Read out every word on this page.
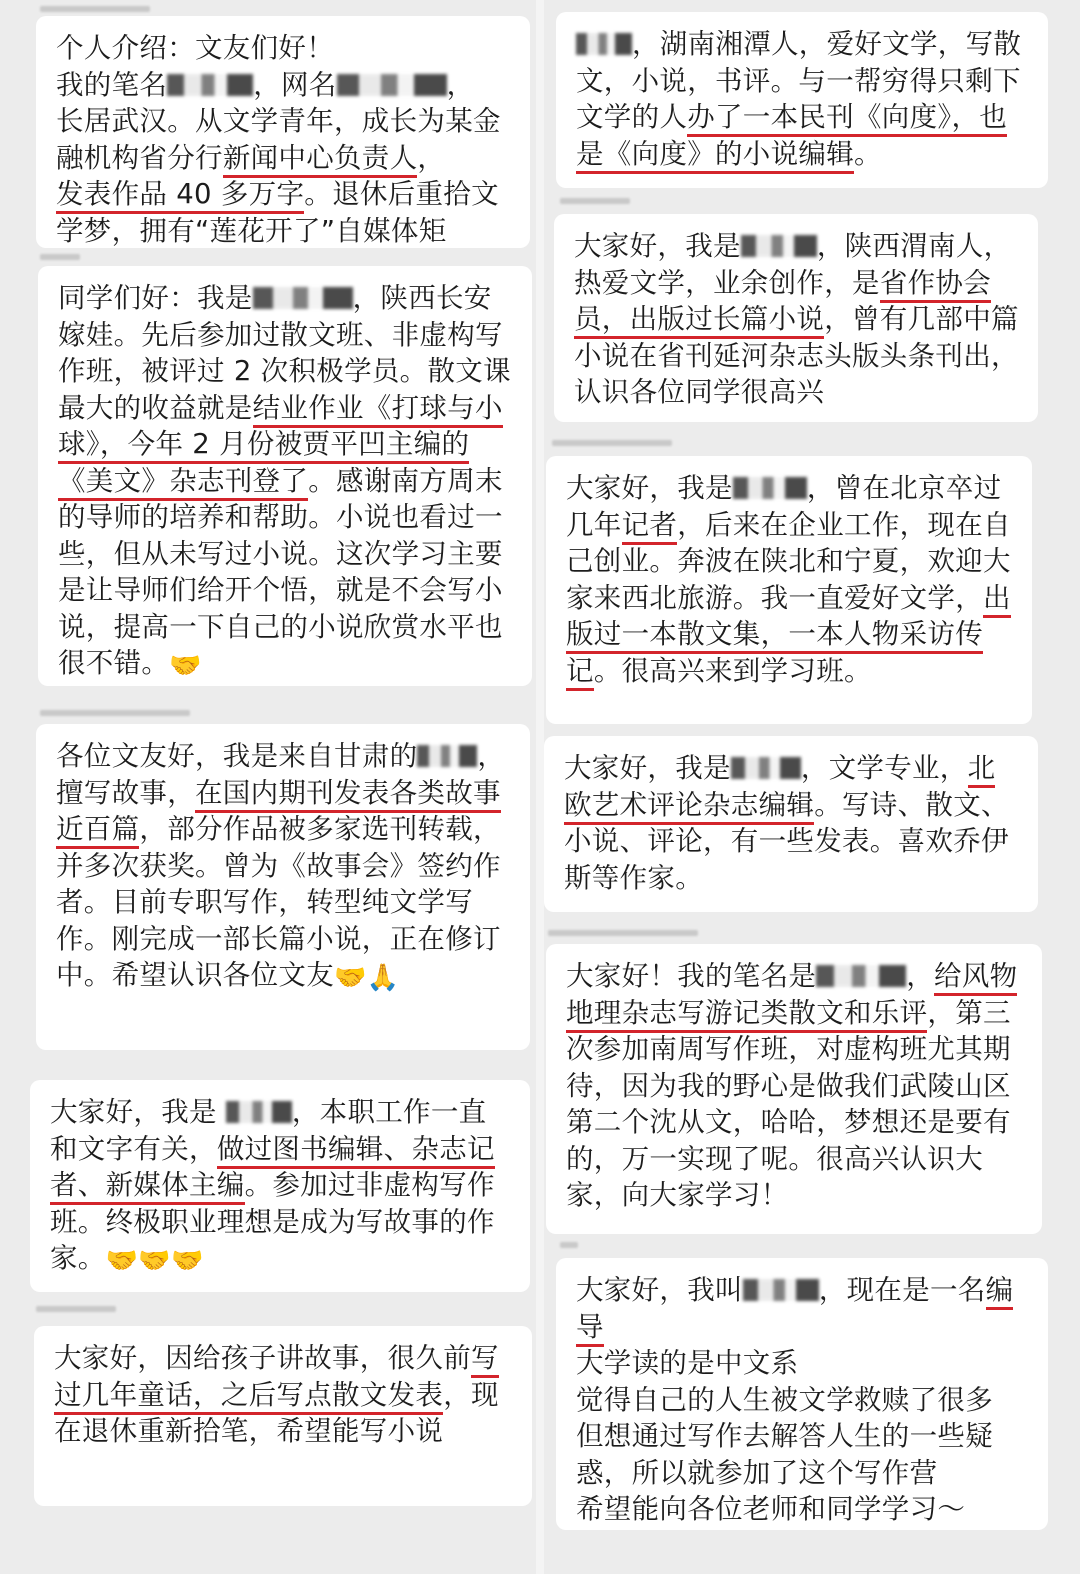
个人介绍：文友们好！
我的笔名	，网名	，
长居武汉。从文学青年，成长为某金融机构省分行新闻中心负责人，
发表作品 40 多万字。退休后重拾文学梦，拥有“莲花开了”自媒体矩

同学们好：我是	，陕西长安嫁娃。先后参加过散文班、非虚构写作班，被评过 2 次积极学员。散文课最大的收益就是结业作业《打球与小球》，今年 2 月份被贾平凹主编的《美文》杂志刊登了。感谢南方周末的导师的培养和帮助。小说也看过一些，但从未写过小说。这次学习主要是让导师们给开个悟，就是不会写小说，提高一下自己的小说欣赏水平也很不错。🤝

各位文友好，我是来自甘肃的 ，擅写故事，在国内期刊发表各类故事近百篇，部分作品被多家选刊转载，并多次获奖。曾为《故事会》签约作者。目前专职写作，转型纯文学写作。刚完成一部长篇小说，正在修订中。希望认识各位文友🤝🙏

大家好，我是 ，本职工作一直和文字有关，做过图书编辑、杂志记者、新媒体主编。参加过非虚构写作班。终极职业理想是成为写故事的作家。🤝🤝🤝

大家好，因给孩子讲故事，很久前写过几年童话，之后写点散文发表，现在退休重新拾笔，希望能写小说

，湖南湘潭人，爱好文学，写散文，小说，书评。与一帮穷得只剩下文学的人办了一本民刊《向度》，也是《向度》的小说编辑。

大家好，我是	，陕西渭南人，热爱文学，业余创作，是省作协会员，出版过长篇小说，曾有几部中篇小说在省刊延河杂志头版头条刊出，认识各位同学很高兴

大家好，我是	，曾在北京卒过几年记者，后来在企业工作，现在自己创业。奔波在陕北和宁夏，欢迎大家来西北旅游。我一直爱好文学，出版过一本散文集，一本人物采访传记。很高兴来到学习班。

大家好，我是	，文学专业，北欧艺术评论杂志编辑。写诗、散文、小说、评论，有一些发表。喜欢乔伊斯等作家。

大家好！我的笔名是	，给风物地理杂志写游记类散文和乐评，第三次参加南周写作班，对虚构班尤其期待，因为我的野心是做我们武陵山区第二个沈从文，哈哈，梦想还是要有的，万一实现了呢。很高兴认识大家，向大家学习！

大家好，我叫	，现在是一名编导
大学读的是中文系
觉得自己的人生被文学救赎了很多
但想通过写作去解答人生的一些疑惑，所以就参加了这个写作营
希望能向各位老师和同学学习～
